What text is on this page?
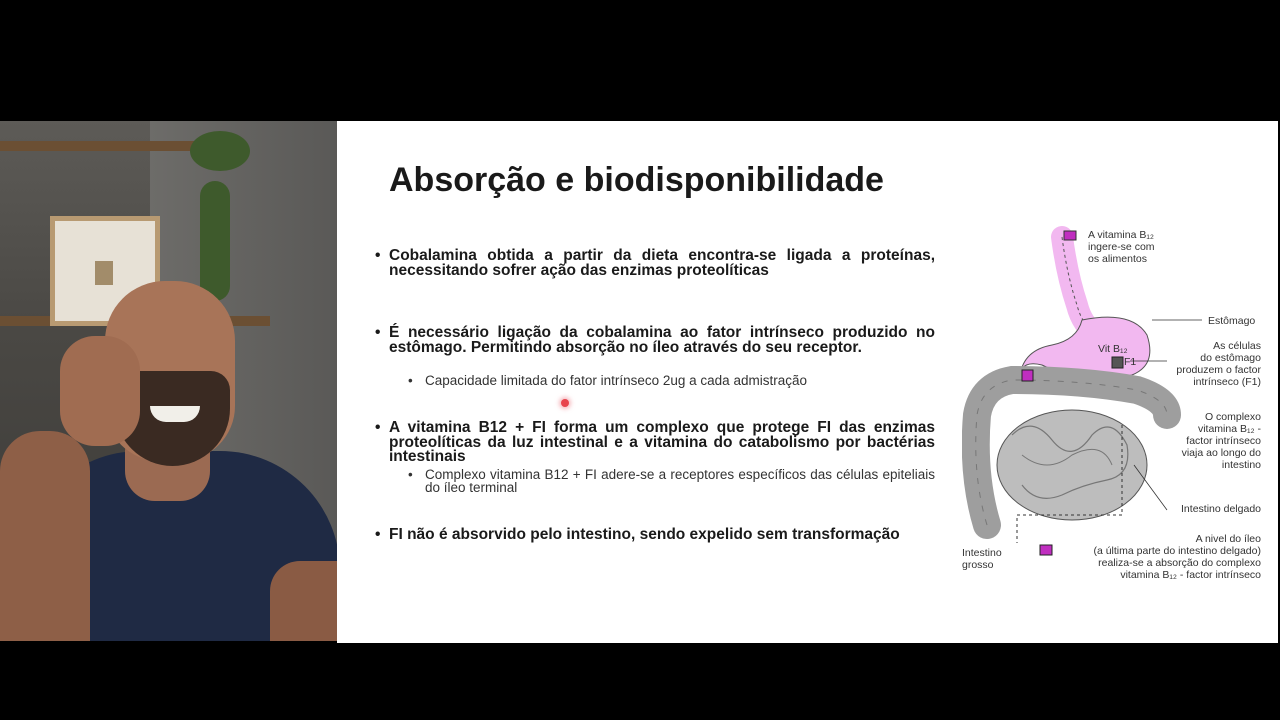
Absorção e biodisponibilidade
• Cobalamina obtida a partir da dieta encontra-se ligada a proteínas, necessitando sofrer ação das enzimas proteolíticas
• É necessário ligação da cobalamina ao fator intrínseco produzido no estômago. Permitindo absorção no íleo através do seu receptor.
• Capacidade limitada do fator intrínseco 2ug a cada admistração
• A vitamina B12 + FI forma um complexo que protege FI das enzimas proteolíticas da luz intestinal e a vitamina do catabolismo por bactérias intestinais
• Complexo vitamina B12 + FI adere-se a receptores específicos das células epiteliais do íleo terminal
• FI não é absorvido pelo intestino, sendo expelido sem transformação
A vitamina B₁₂
ingere-se com
os alimentos
Estômago
Vit B₁₂
F1
As células
do estômago
produzem o factor
intrínseco (F1)
O complexo
vitamina B₁₂ -
factor intrínseco
viaja ao longo do
intestino
Intestino delgado
Intestino
grosso
A nivel do íleo
(a última parte do intestino delgado)
realiza-se a absorção do complexo
vitamina B₁₂ - factor intrínseco
